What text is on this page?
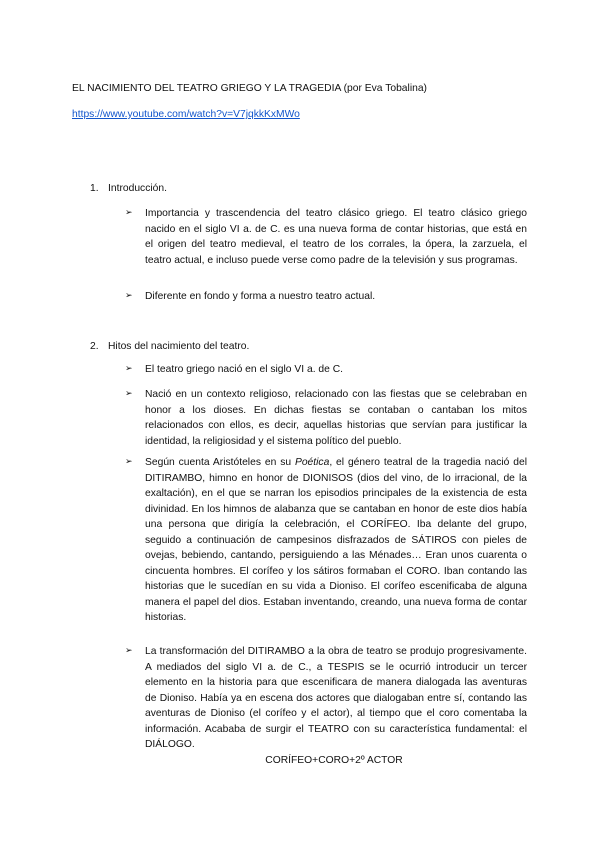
EL NACIMIENTO DEL TEATRO GRIEGO Y LA TRAGEDIA (por Eva Tobalina)
https://www.youtube.com/watch?v=V7jqkkKxMWo
1. Introducción.
➢ Importancia y trascendencia del teatro clásico griego. El teatro clásico griego nacido en el siglo VI a. de C. es una nueva forma de contar historias, que está en el origen del teatro medieval, el teatro de los corrales, la ópera, la zarzuela, el teatro actual, e incluso puede verse como padre de la televisión y sus programas.

➢ Diferente en fondo y forma a nuestro teatro actual.

2. Hitos del nacimiento del teatro.
➢ El teatro griego nació en el siglo VI a. de C.

➢ Nació en un contexto religioso, relacionado con las fiestas que se celebraban en honor a los dioses. En dichas fiestas se contaban o cantaban los mitos relacionados con ellos, es decir, aquellas historias que servían para justificar la identidad, la religiosidad y el sistema político del pueblo.

➢ Según cuenta Aristóteles en su Poética, el género teatral de la tragedia nació del DITIRAMBO, himno en honor de DIONISOS (dios del vino, de lo irracional, de la exaltación), en el que se narran los episodios principales de la existencia de esta divinidad. En los himnos de alabanza que se cantaban en honor de este dios había una persona que dirigía la celebración, el CORÍFEO. Iba delante del grupo, seguido a continuación de campesinos disfrazados de SÁTIROS con pieles de ovejas, bebiendo, cantando, persiguiendo a las Ménades… Eran unos cuarenta o cincuenta hombres. El corífeo y los sátiros formaban el CORO. Iban contando las historias que le sucedían en su vida a Dioniso. El corífeo escenificaba de alguna manera el papel del dios. Estaban inventando, creando, una nueva forma de contar historias.

➢ La transformación del DITIRAMBO a la obra de teatro se produjo progresivamente. A mediados del siglo VI a. de C., a TESPIS se le ocurrió introducir un tercer elemento en la historia para que escenificara de manera dialogada las aventuras de Dioniso. Había ya en escena dos actores que dialogaban entre sí, contando las aventuras de Dioniso (el corífeo y el actor), al tiempo que el coro comentaba la información. Acababa de surgir el TEATRO con su característica fundamental: el DIÁLOGO.

CORÍFEO+CORO+2º ACTOR
